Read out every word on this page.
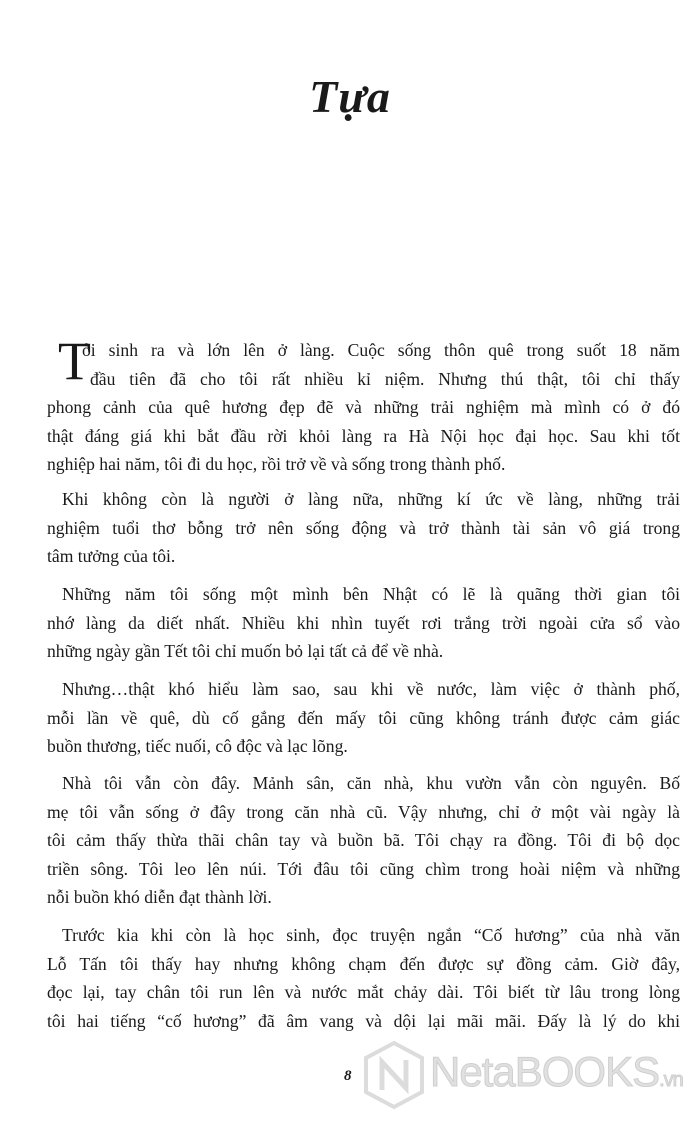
Tựa
T
ôi sinh ra và lớn lên ở làng. Cuộc sống thôn quê trong suốt 18 năm
đầu tiên đã cho tôi rất nhiều kỉ niệm. Nhưng thú thật, tôi chỉ thấy
phong cảnh của quê hương đẹp đẽ và những trải nghiệm mà mình có ở đó
thật đáng giá khi bắt đầu rời khỏi làng ra Hà Nội học đại học. Sau khi tốt
nghiệp hai năm, tôi đi du học, rồi trở về và sống trong thành phố.
Khi không còn là người ở làng nữa, những kí ức về làng, những trải
nghiệm tuổi thơ bỗng trở nên sống động và trở thành tài sản vô giá trong
tâm tưởng của tôi.
Những năm tôi sống một mình bên Nhật có lẽ là quãng thời gian tôi
nhớ làng da diết nhất. Nhiều khi nhìn tuyết rơi trắng trời ngoài cửa sổ vào
những ngày gần Tết tôi chỉ muốn bỏ lại tất cả để về nhà.
Nhưng…thật khó hiểu làm sao, sau khi về nước, làm việc ở thành phố,
mỗi lần về quê, dù cố gắng đến mấy tôi cũng không tránh được cảm giác
buồn thương, tiếc nuối, cô độc và lạc lõng.
Nhà tôi vẫn còn đây. Mảnh sân, căn nhà, khu vườn vẫn còn nguyên. Bố
mẹ tôi vẫn sống ở đây trong căn nhà cũ. Vậy nhưng, chỉ ở một vài ngày là
tôi cảm thấy thừa thãi chân tay và buồn bã. Tôi chạy ra đồng. Tôi đi bộ dọc
triền sông. Tôi leo lên núi. Tới đâu tôi cũng chìm trong hoài niệm và những
nỗi buồn khó diễn đạt thành lời.
Trước kia khi còn là học sinh, đọc truyện ngắn “Cố hương” của nhà văn
Lỗ Tấn tôi thấy hay nhưng không chạm đến được sự đồng cảm. Giờ đây,
đọc lại, tay chân tôi run lên và nước mắt chảy dài. Tôi biết từ lâu trong lòng
tôi hai tiếng “cố hương” đã âm vang và dội lại mãi mãi. Đấy là lý do khi
8 NetaBOOKS.vn
